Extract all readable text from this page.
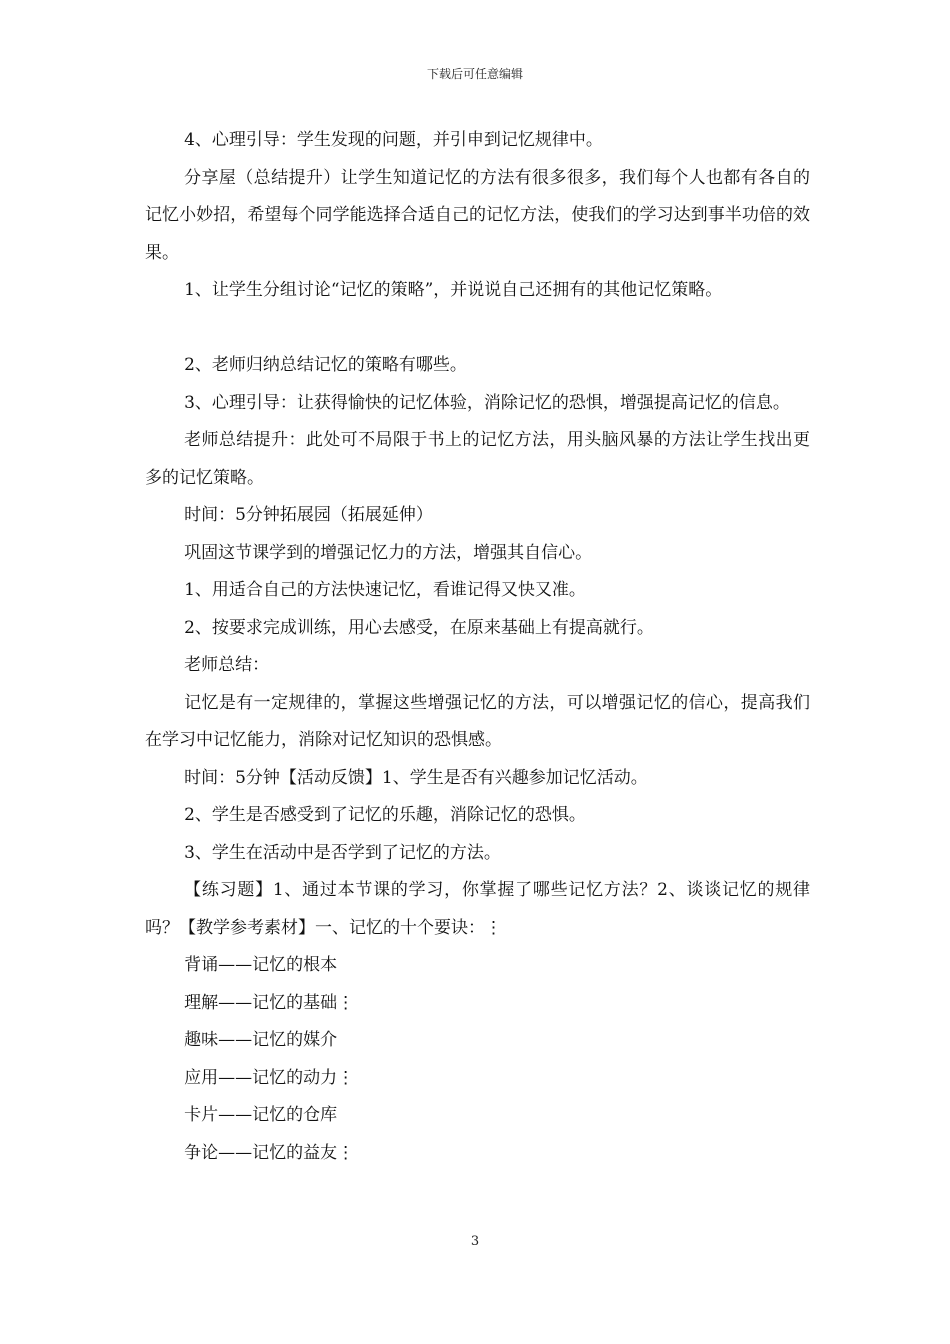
下载后可任意编辑

4、心理引导：学生发现的问题，并引申到记忆规律中。

分享屋（总结提升）让学生知道记忆的方法有很多很多，我们每个人也都有各自的记忆小妙招，希望每个同学能选择合适自己的记忆方法，使我们的学习达到事半功倍的效果。

1、让学生分组讨论“记忆的策略”，并说说自己还拥有的其他记忆策略。

2、老师归纳总结记忆的策略有哪些。

3、心理引导：让获得愉快的记忆体验，消除记忆的恐惧，增强提高记忆的信息。

老师总结提升：此处可不局限于书上的记忆方法，用头脑风暴的方法让学生找出更多的记忆策略。

时间：5分钟拓展园（拓展延伸）

巩固这节课学到的增强记忆力的方法，增强其自信心。

1、用适合自己的方法快速记忆，看谁记得又快又准。

2、按要求完成训练，用心去感受，在原来基础上有提高就行。

老师总结：

记忆是有一定规律的，掌握这些增强记忆的方法，可以增强记忆的信心，提高我们在学习中记忆能力，消除对记忆知识的恐惧感。

时间：5分钟【活动反馈】1、学生是否有兴趣参加记忆活动。

2、学生是否感受到了记忆的乐趣，消除记忆的恐惧。

3、学生在活动中是否学到了记忆的方法。

【练习题】1、通过本节课的学习，你掌握了哪些记忆方法？2、谈谈记忆的规律吗？【教学参考素材】一、记忆的十个要诀：⋮

背诵——记忆的根本

理解——记忆的基础⋮

趣味——记忆的媒介

应用——记忆的动力⋮

卡片——记忆的仓库

争论——记忆的益友⋮

3
